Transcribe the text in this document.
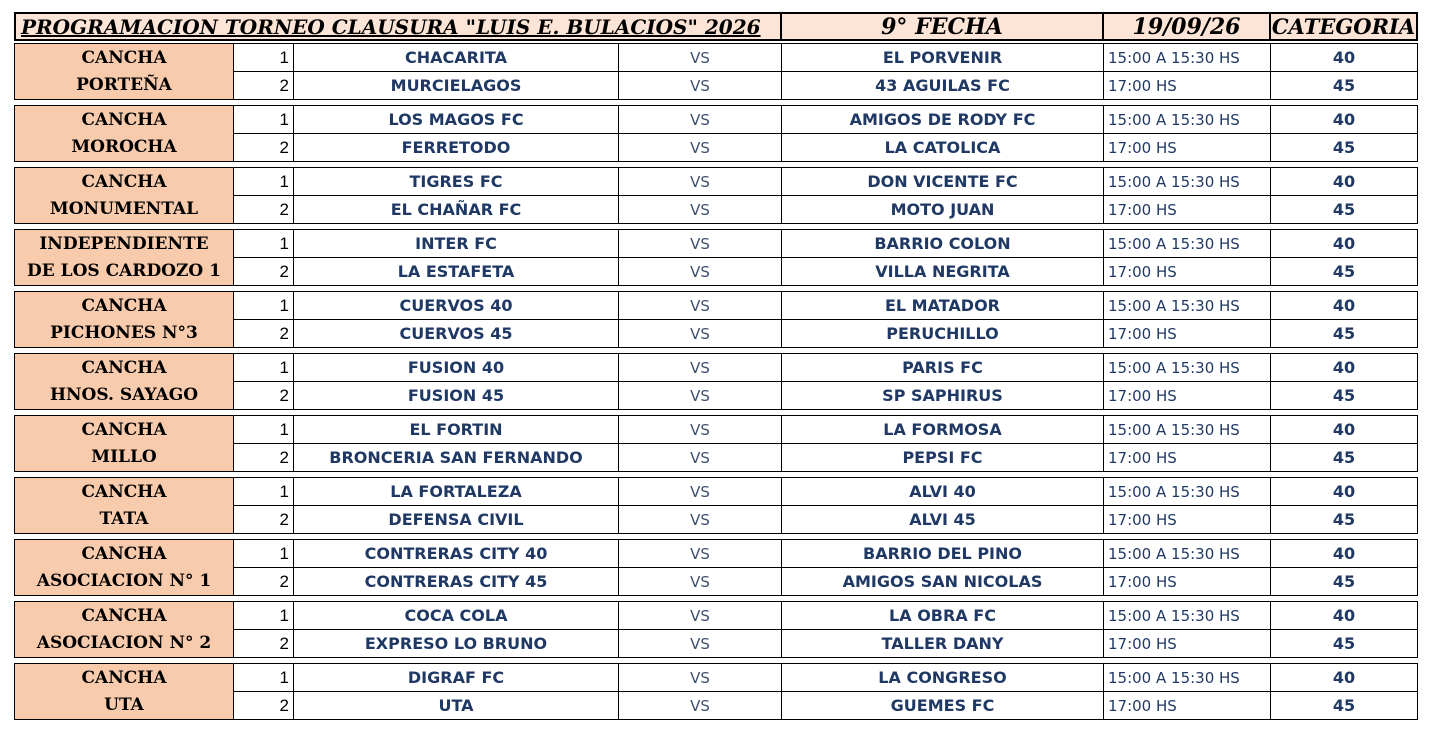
PROGRAMACION TORNEO CLAUSURA "LUIS E. BULACIOS" 2026	9° FECHA	19/09/26	CATEGORIA
CANCHA
PORTEÑA
1	CHACARITA	VS	EL PORVENIR	15:00 A 15:30 HS	40
2	MURCIELAGOS	VS	43 AGUILAS FC	17:00 HS	45
CANCHA
MOROCHA
1	LOS MAGOS FC	VS	AMIGOS DE RODY FC	15:00 A 15:30 HS	40
2	FERRETODO	VS	LA CATOLICA	17:00 HS	45
CANCHA
MONUMENTAL
1	TIGRES FC	VS	DON VICENTE FC	15:00 A 15:30 HS	40
2	EL CHAÑAR FC	VS	MOTO JUAN	17:00 HS	45
INDEPENDIENTE
DE LOS CARDOZO 1
1	INTER FC	VS	BARRIO COLON	15:00 A 15:30 HS	40
2	LA ESTAFETA	VS	VILLA NEGRITA	17:00 HS	45
CANCHA
PICHONES N°3
1	CUERVOS 40	VS	EL MATADOR	15:00 A 15:30 HS	40
2	CUERVOS 45	VS	PERUCHILLO	17:00 HS	45
CANCHA
HNOS. SAYAGO
1	FUSION 40	VS	PARIS FC	15:00 A 15:30 HS	40
2	FUSION 45	VS	SP SAPHIRUS	17:00 HS	45
CANCHA
MILLO
1	EL FORTIN	VS	LA FORMOSA	15:00 A 15:30 HS	40
2	BRONCERIA SAN FERNANDO	VS	PEPSI FC	17:00 HS	45
CANCHA
TATA
1	LA FORTALEZA	VS	ALVI 40	15:00 A 15:30 HS	40
2	DEFENSA CIVIL	VS	ALVI 45	17:00 HS	45
CANCHA
ASOCIACION N° 1
1	CONTRERAS CITY 40	VS	BARRIO DEL PINO	15:00 A 15:30 HS	40
2	CONTRERAS CITY 45	VS	AMIGOS SAN NICOLAS	17:00 HS	45
CANCHA
ASOCIACION N° 2
1	COCA COLA	VS	LA OBRA FC	15:00 A 15:30 HS	40
2	EXPRESO LO BRUNO	VS	TALLER DANY	17:00 HS	45
CANCHA
UTA
1	DIGRAF FC	VS	LA CONGRESO	15:00 A 15:30 HS	40
2	UTA	VS	GUEMES FC	17:00 HS	45
